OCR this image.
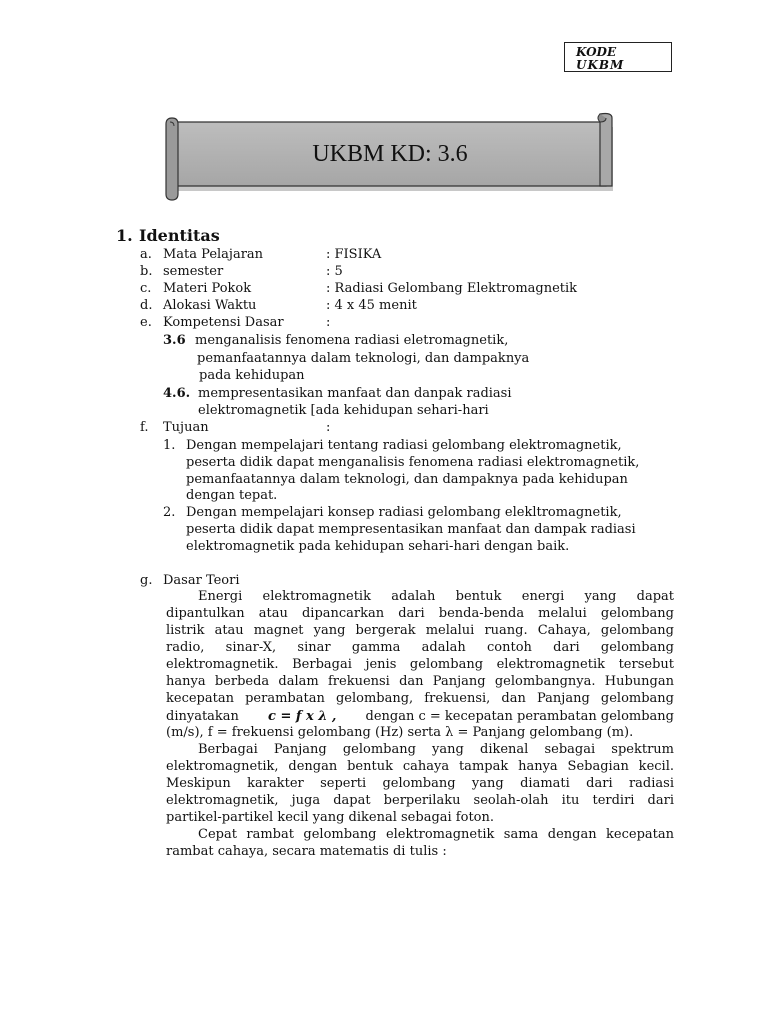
KODE
UKBM
UKBM KD: 3.6
1. Identitas
a. Mata Pelajaran	: FISIKA
b. semester	: 5
c. Materi Pokok	: Radiasi Gelombang Elektromagnetik
d. Alokasi Waktu	: 4 x 45 menit
e. Kompetensi Dasar	:
3.6 menganalisis fenomena radiasi eletromagnetik,
pemanfaatannya dalam teknologi, dan dampaknya
pada kehidupan
4.6. mempresentasikan manfaat dan danpak radiasi
elektromagnetik [ada kehidupan sehari-hari
f. Tujuan	:
1. Dengan mempelajari tentang radiasi gelombang elektromagnetik,
peserta didik dapat menganalisis fenomena radiasi elektromagnetik,
pemanfaatannya dalam teknologi, dan dampaknya pada kehidupan
dengan tepat.
2. Dengan mempelajari konsep radiasi gelombang elekltromagnetik,
peserta didik dapat mempresentasikan manfaat dan dampak radiasi
elektromagnetik pada kehidupan sehari-hari dengan baik.
g. Dasar Teori
Energi elektromagnetik adalah bentuk energi yang dapat
dipantulkan atau dipancarkan dari benda-benda melalui gelombang
listrik atau magnet yang bergerak melalui ruang. Cahaya, gelombang
radio, sinar-X, sinar gamma adalah contoh dari gelombang
elektromagnetik. Berbagai jenis gelombang elektromagnetik tersebut
hanya berbeda dalam frekuensi dan Panjang gelombangnya. Hubungan
kecepatan perambatan gelombang, frekuensi, dan Panjang gelombang
dinyatakan c = f x λ , dengan c = kecepatan perambatan gelombang
(m/s), f = frekuensi gelombang (Hz) serta λ = Panjang gelombang (m).
Berbagai Panjang gelombang yang dikenal sebagai spektrum
elektromagnetik, dengan bentuk cahaya tampak hanya Sebagian kecil.
Meskipun karakter seperti gelombang yang diamati dari radiasi
elektromagnetik, juga dapat berperilaku seolah-olah itu terdiri dari
partikel-partikel kecil yang dikenal sebagai foton.
Cepat rambat gelombang elektromagnetik sama dengan kecepatan
rambat cahaya, secara matematis di tulis :
